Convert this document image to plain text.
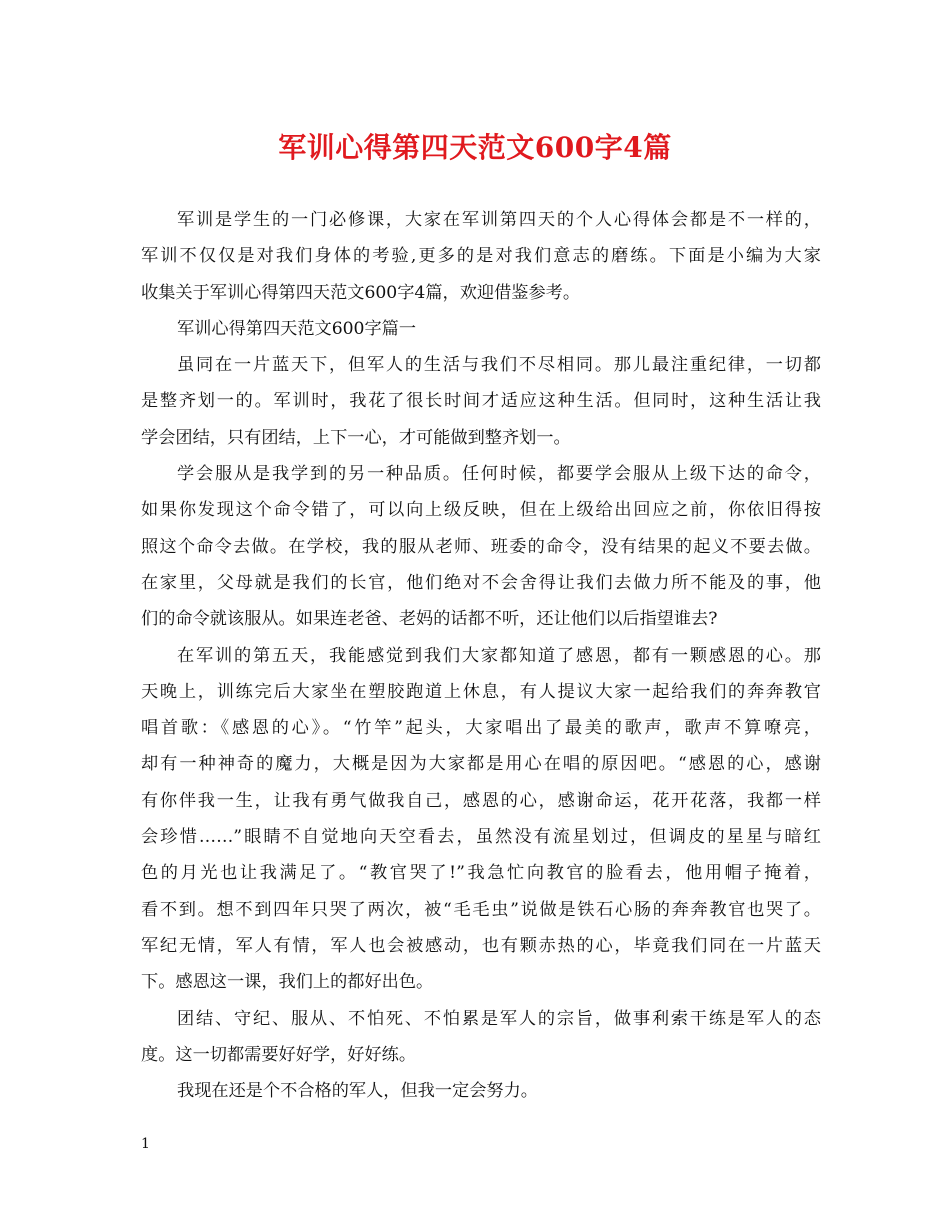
军训心得第四天范文600字4篇
军训是学生的一门必修课，大家在军训第四天的个人心得体会都是不一样的，
军训不仅仅是对我们身体的考验,更多的是对我们意志的磨练。下面是小编为大家
收集关于军训心得第四天范文600字4篇，欢迎借鉴参考。
军训心得第四天范文600字篇一
虽同在一片蓝天下，但军人的生活与我们不尽相同。那儿最注重纪律，一切都
是整齐划一的。军训时，我花了很长时间才适应这种生活。但同时，这种生活让我
学会团结，只有团结，上下一心，才可能做到整齐划一。
学会服从是我学到的另一种品质。任何时候，都要学会服从上级下达的命令，
如果你发现这个命令错了，可以向上级反映，但在上级给出回应之前，你依旧得按
照这个命令去做。在学校，我的服从老师、班委的命令，没有结果的起义不要去做。
在家里，父母就是我们的长官，他们绝对不会舍得让我们去做力所不能及的事，他
们的命令就该服从。如果连老爸、老妈的话都不听，还让他们以后指望谁去?
在军训的第五天，我能感觉到我们大家都知道了感恩，都有一颗感恩的心。那
天晚上，训练完后大家坐在塑胶跑道上休息，有人提议大家一起给我们的奔奔教官
唱首歌：《感恩的心》。“竹竿”起头，大家唱出了最美的歌声，歌声不算嘹亮，
却有一种神奇的魔力，大概是因为大家都是用心在唱的原因吧。“感恩的心，感谢
有你伴我一生，让我有勇气做我自己，感恩的心，感谢命运，花开花落，我都一样
会珍惜……”眼睛不自觉地向天空看去，虽然没有流星划过，但调皮的星星与暗红
色的月光也让我满足了。“教官哭了!”我急忙向教官的脸看去，他用帽子掩着，
看不到。想不到四年只哭了两次，被“毛毛虫”说做是铁石心肠的奔奔教官也哭了。
军纪无情，军人有情，军人也会被感动，也有颗赤热的心，毕竟我们同在一片蓝天
下。感恩这一课，我们上的都好出色。
团结、守纪、服从、不怕死、不怕累是军人的宗旨，做事利索干练是军人的态
度。这一切都需要好好学，好好练。
我现在还是个不合格的军人，但我一定会努力。
1
